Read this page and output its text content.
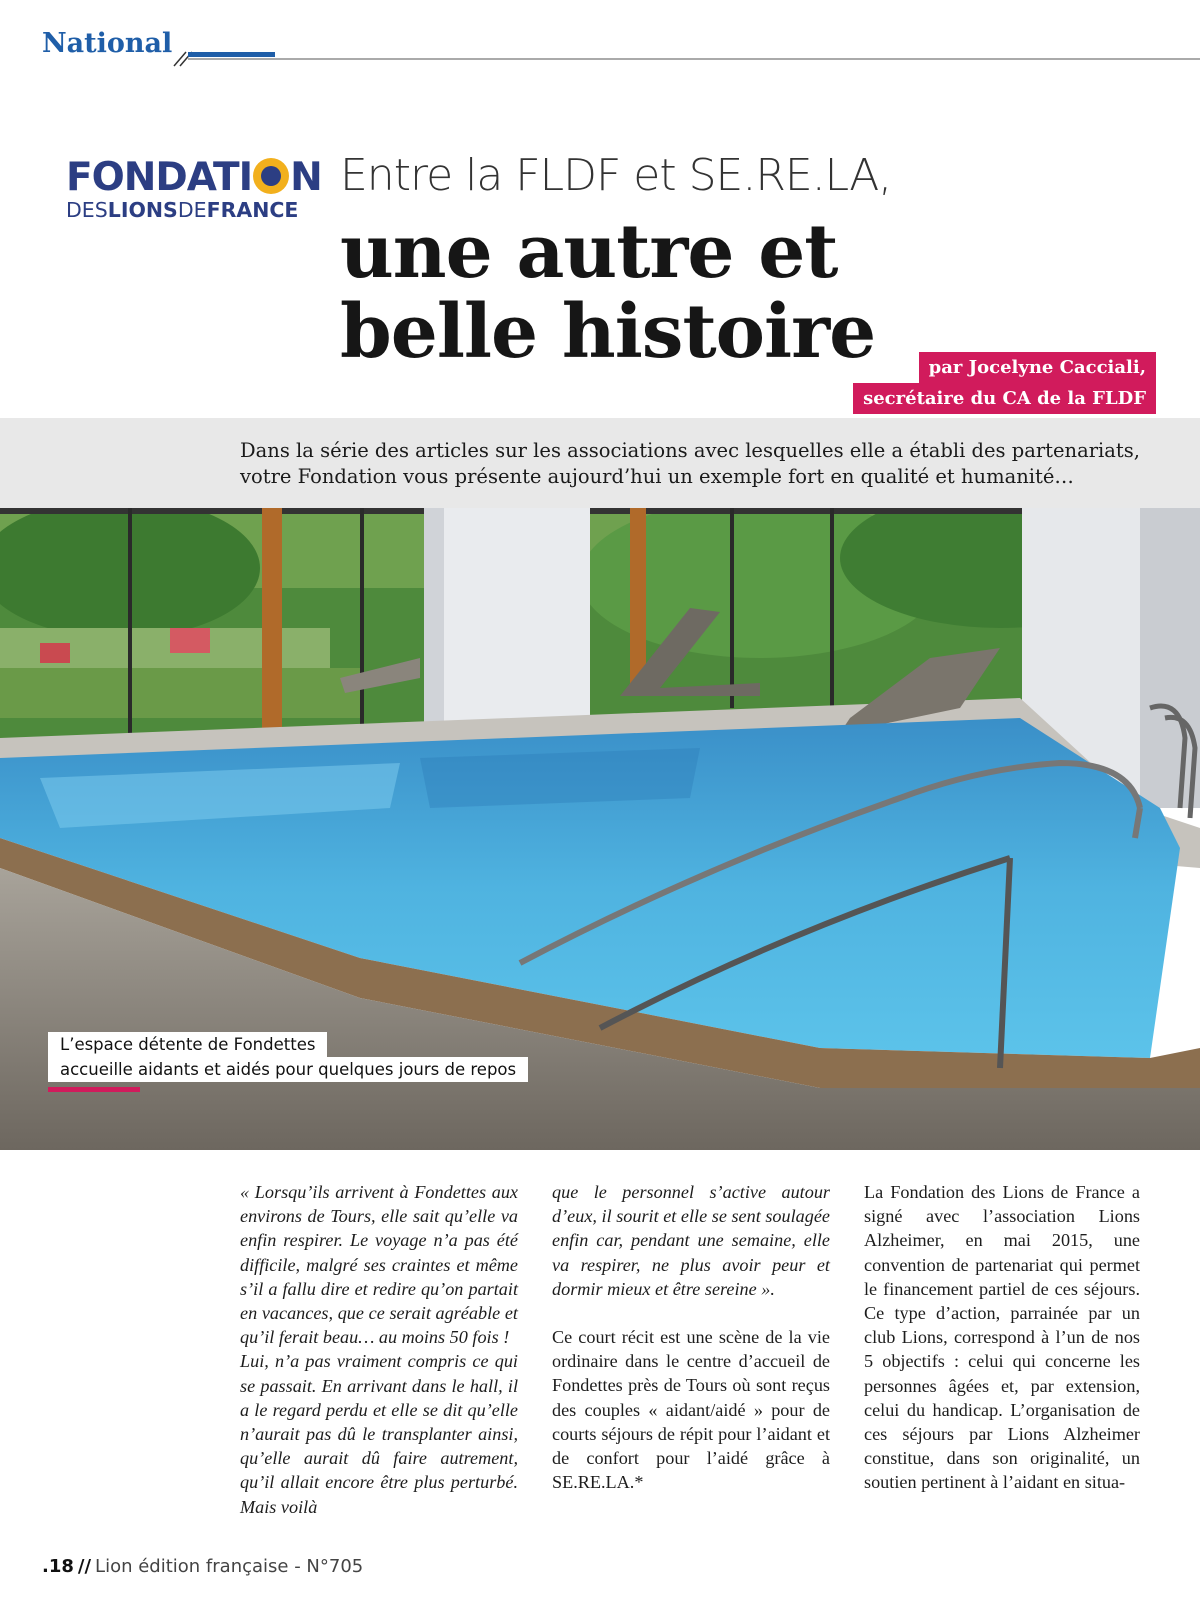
National
FONDATI N
DESLIONSDEFRANCE
Entre la FLDF et SE.RE.LA,
une autre et
belle histoire	par Jocelyne Cacciali,
secrétaire du CA de la FLDF
Dans la série des articles sur les associations avec lesquelles elle a établi des partenariats, votre Fondation vous présente aujourd’hui un exemple fort en qualité et humanité…
L’espace détente de Fondettes
accueille aidants et aidés pour quelques jours de repos

« Lorsqu’ils arrivent à Fondettes aux environs de Tours, elle sait qu’elle va enfin respirer. Le voyage n’a pas été difficile, malgré ses craintes et même s’il a fallu dire et redire qu’on partait en vacances, que ce serait agréable et qu’il ferait beau… au moins 50 fois !

Lui, n’a pas vraiment compris ce qui se passait. En arrivant dans le hall, il a le regard perdu et elle se dit qu’elle n’aurait pas dû le transplanter ainsi, qu’elle aurait dû faire autrement, qu’il allait encore être plus perturbé. Mais voilà

que le personnel s’active autour d’eux, il sourit et elle se sent soulagée enfin car, pendant une semaine, elle va respirer, ne plus avoir peur et dormir mieux et être sereine ».

Ce court récit est une scène de la vie ordinaire dans le centre d’accueil de Fondettes près de Tours où sont reçus des couples « aidant/aidé » pour de courts séjours de répit pour l’aidant et de confort pour l’aidé grâce à SE.RE.LA.*

La Fondation des Lions de France a signé avec l’association Lions Alzheimer, en mai 2015, une convention de partenariat qui permet le financement partiel de ces séjours. Ce type d’action, parrainée par un club Lions, correspond à l’un de nos 5 objectifs : celui qui concerne les personnes âgées et, par extension, celui du handicap. L’organisation de ces séjours par Lions Alzheimer constitue, dans son originalité, un soutien pertinent à l’aidant en situa-

.18 // Lion édition française - N°705
